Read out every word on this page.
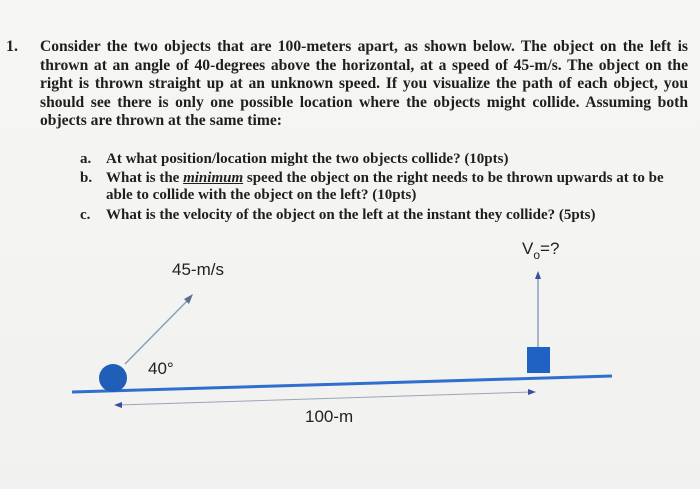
1. Consider the two objects that are 100-meters apart, as shown below. The object on the left is thrown at an angle of 40-degrees above the horizontal, at a speed of 45-m/s. The object on the right is thrown straight up at an unknown speed. If you visualize the path of each object, you should see there is only one possible location where the objects might collide. Assuming both objects are thrown at the same time:
a. At what position/location might the two objects collide? (10pts)
b. What is the minimum speed the object on the right needs to be thrown upwards at to be
able to collide with the object on the left? (10pts)
c.	What is the velocity of the object on the left at the instant they collide? (5pts)
45-m/s
40°
$V_o=$?
100-m
